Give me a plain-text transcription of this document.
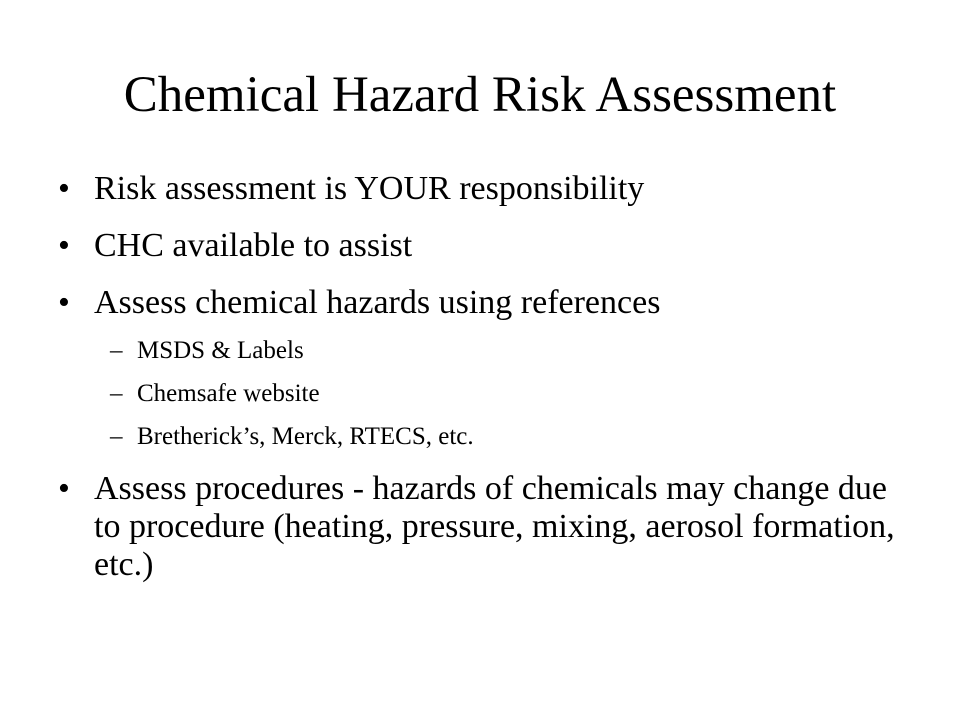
Chemical Hazard Risk Assessment
• Risk assessment is YOUR responsibility
• CHC available to assist
• Assess chemical hazards using references
– MSDS & Labels
– Chemsafe website
– Bretherick’s, Merck, RTECS, etc.
• Assess procedures - hazards of chemicals may change due to procedure (heating, pressure, mixing, aerosol formation, etc.)
